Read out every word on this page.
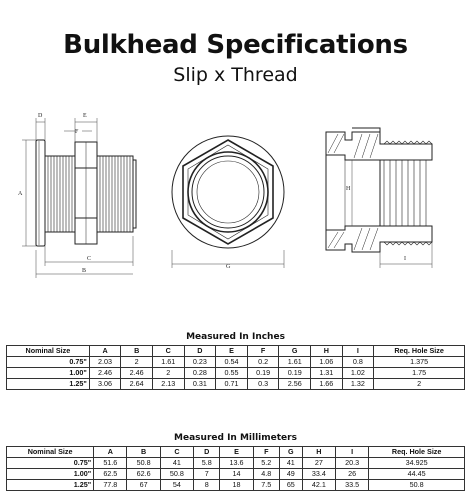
Bulkhead Specifications
Slip x Thread
A
D	E
F
C
B
G
H
I
Measured In Inches
Nominal Size	A	B	C	D	E	F	G	H	I	Req. Hole Size
0.75"	2.03	2	1.61	0.23	0.54	0.2	1.61	1.06	0.8	1.375
1.00"	2.46	2.46	2	0.28	0.55	0.19	0.19	1.31	1.02	1.75
1.25"	3.06	2.64	2.13	0.31	0.71	0.3	2.56	1.66	1.32	2
Measured In Millimeters
Nominal Size	A	B	C	D	E	F	G	H	I	Req. Hole Size
0.75"	51.6	50.8	41	5.8	13.6	5.2	41	27	20.3	34.925
1.00"	62.5	62.6	50.8	7	14	4.8	49	33.4	26	44.45
1.25"	77.8	67	54	8	18	7.5	65	42.1	33.5	50.8
